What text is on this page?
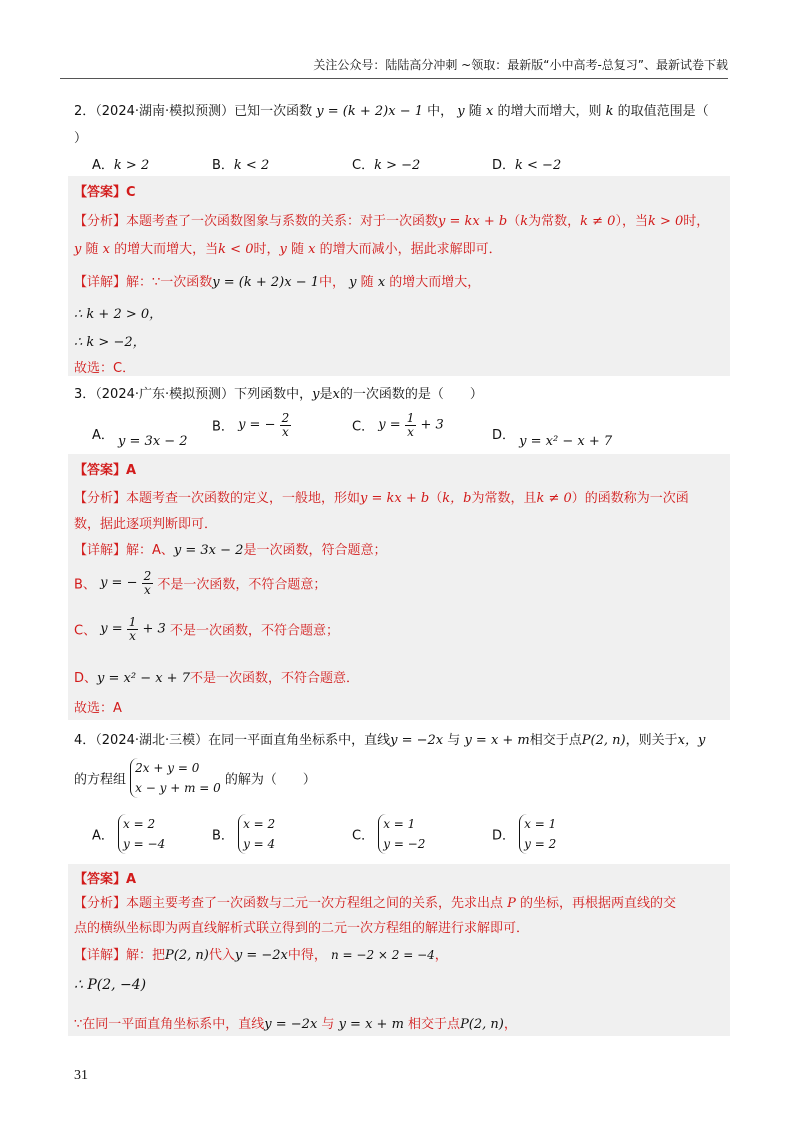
关注公众号：陆陆高分冲刺 ~领取：最新版“小中高考-总复习”、最新试卷下载
2．（2024·湖南·模拟预测）已知一次函数 y = (k + 2)x − 1 中， y 随 x 的增大而增大，则 k 的取值范围是（
）
A．k > 2	B．k < 2	C．k > −2	D．k < −2
【答案】C
【分析】本题考查了一次函数图象与系数的关系：对于一次函数y = kx + b（k为常数，k ≠ 0），当k > 0时，
y 随 x 的增大而增大，当k < 0时，y 随 x 的增大而减小，据此求解即可．
【详解】解：∵一次函数y = (k + 2)x − 1中， y 随 x 的增大而增大，
∴ k + 2 > 0，
∴ k > −2，
故选：C．
3．（2024·广东·模拟预测）下列函数中，y是x的一次函数的是（　　）
A． y = 3x − 2
B． y = − $\frac{2}{x}$	C． $y = \frac{1}{x} + 3$
D． y = x² − x + 7
【答案】A
【分析】本题考查一次函数的定义，一般地，形如y = kx + b（k，b为常数，且k ≠ 0）的函数称为一次函
数，据此逐项判断即可．
【详解】解：A、y = 3x − 2是一次函数，符合题意；
B、 y = − $\frac{2}{x}$ 不是一次函数，不符合题意；
C、 $y = \frac{1}{x} + 3$ 不是一次函数，不符合题意；
D、y = x² − x + 7不是一次函数，不符合题意．
故选：A
4．（2024·湖北·三模）在同一平面直角坐标系中，直线y = −2x 与 y = x + m相交于点P(2, n)，则关于x，y
的方程组
2x + y = 0
x − y + m = 0
的解为（　　）
A．
x = 2
y = −4
B．
x = 2
y = 4
C．
x = 1
y = −2
D．
x = 1
y = 2
【答案】A
【分析】本题主要考查了一次函数与二元一次方程组之间的关系，先求出点 P 的坐标，再根据两直线的交
点的横纵坐标即为两直线解析式联立得到的二元一次方程组的解进行求解即可．
【详解】解：把P(2, n)代入y = −2x中得， n = −2 × 2 = −4，
∴ P(2, −4)
∵在同一平面直角坐标系中，直线y = −2x 与 y = x + m 相交于点P(2, n)，
31
